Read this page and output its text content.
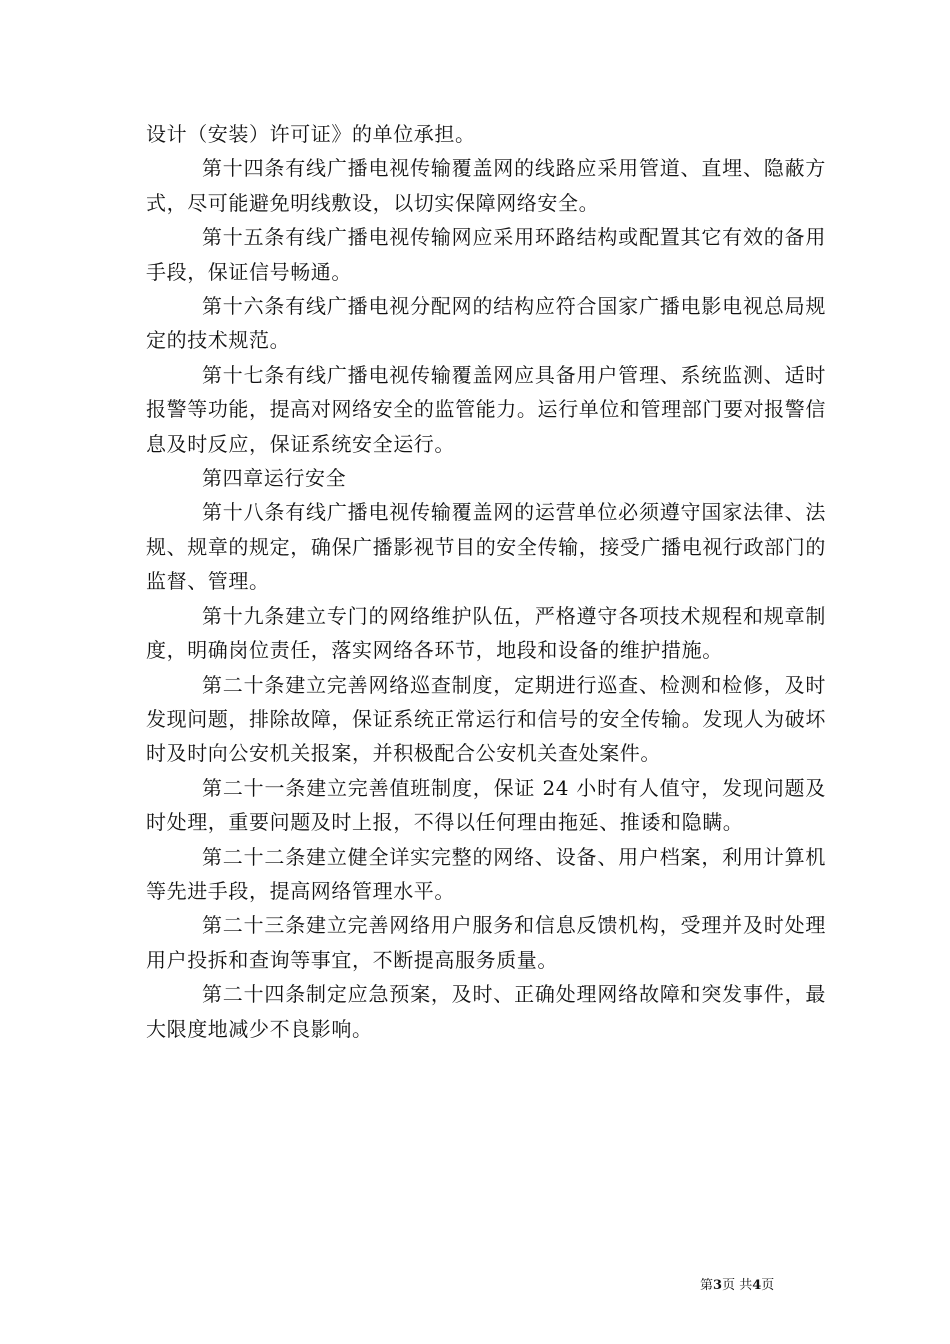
设计（安装）许可证》的单位承担。

第十四条有线广播电视传输覆盖网的线路应采用管道、直埋、隐蔽方式，尽可能避免明线敷设，以切实保障网络安全。

第十五条有线广播电视传输网应采用环路结构或配置其它有效的备用手段，保证信号畅通。

第十六条有线广播电视分配网的结构应符合国家广播电影电视总局规定的技术规范。

第十七条有线广播电视传输覆盖网应具备用户管理、系统监测、适时报警等功能，提高对网络安全的监管能力。运行单位和管理部门要对报警信息及时反应，保证系统安全运行。

第四章运行安全

第十八条有线广播电视传输覆盖网的运营单位必须遵守国家法律、法规、规章的规定，确保广播影视节目的安全传输，接受广播电视行政部门的监督、管理。

第十九条建立专门的网络维护队伍，严格遵守各项技术规程和规章制度，明确岗位责任，落实网络各环节，地段和设备的维护措施。

第二十条建立完善网络巡查制度，定期进行巡查、检测和检修，及时发现问题，排除故障，保证系统正常运行和信号的安全传输。发现人为破坏时及时向公安机关报案，并积极配合公安机关查处案件。

第二十一条建立完善值班制度，保证 24 小时有人值守，发现问题及时处理，重要问题及时上报，不得以任何理由拖延、推诿和隐瞒。

第二十二条建立健全详实完整的网络、设备、用户档案，利用计算机等先进手段，提高网络管理水平。

第二十三条建立完善网络用户服务和信息反馈机构，受理并及时处理用户投拆和查询等事宜，不断提高服务质量。

第二十四条制定应急预案，及时、正确处理网络故障和突发事件，最大限度地减少不良影响。

第3页 共4页
